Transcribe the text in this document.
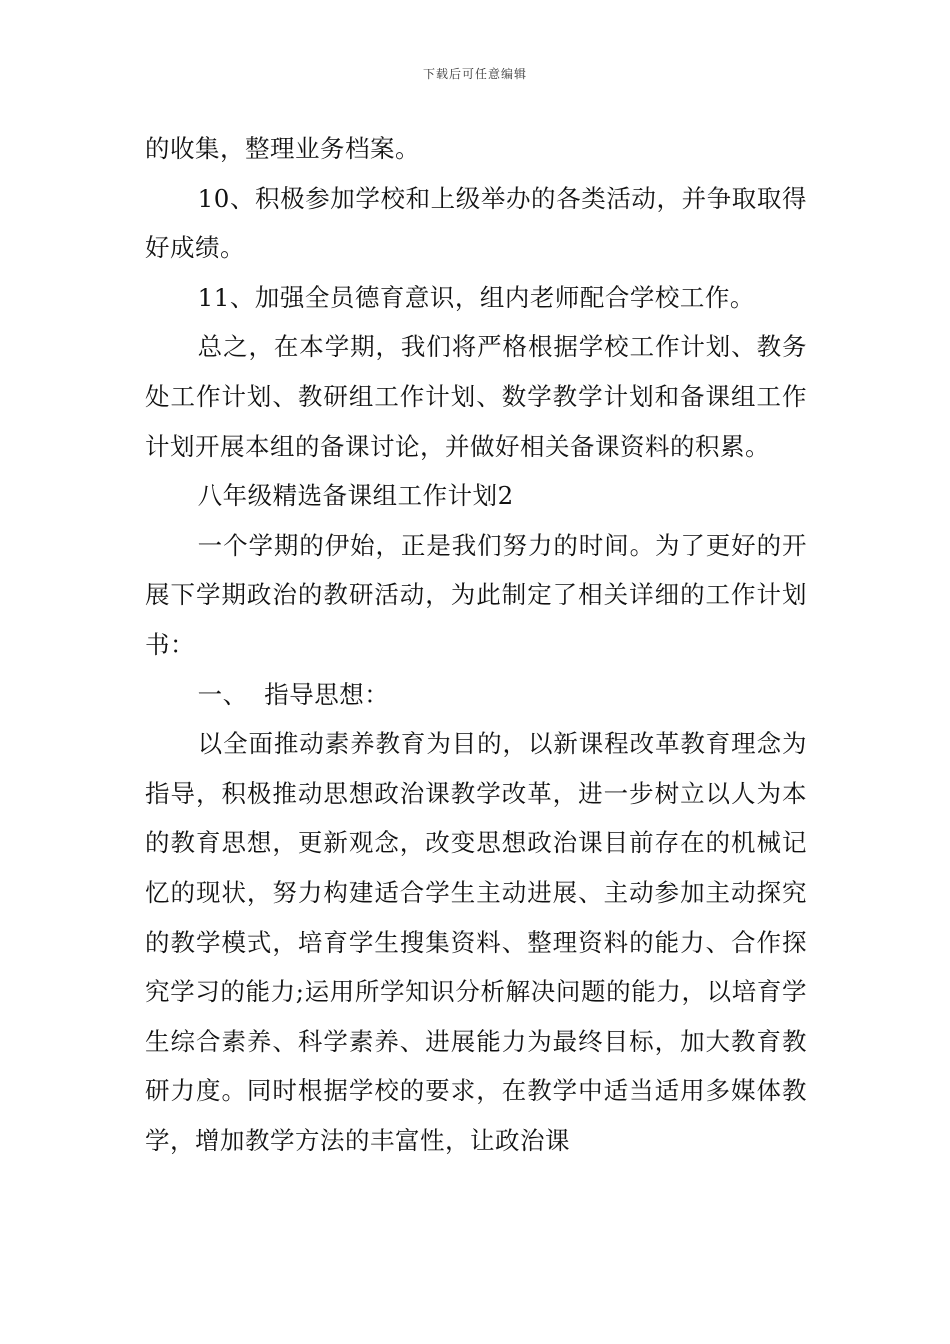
下载后可任意编辑

的收集，整理业务档案。

10、积极参加学校和上级举办的各类活动，并争取取得好成绩。

11、加强全员德育意识，组内老师配合学校工作。

总之，在本学期，我们将严格根据学校工作计划、教务处工作计划、教研组工作计划、数学教学计划和备课组工作计划开展本组的备课讨论，并做好相关备课资料的积累。

八年级精选备课组工作计划2

一个学期的伊始，正是我们努力的时间。为了更好的开展下学期政治的教研活动，为此制定了相关详细的工作计划书：

一、  指导思想：

以全面推动素养教育为目的，以新课程改革教育理念为指导，积极推动思想政治课教学改革，进一步树立以人为本的教育思想，更新观念，改变思想政治课目前存在的机械记忆的现状，努力构建适合学生主动进展、主动参加主动探究的教学模式，培育学生搜集资料、整理资料的能力、合作探究学习的能力;运用所学知识分析解决问题的能力，以培育学生综合素养、科学素养、进展能力为最终目标，加大教育教研力度。同时根据学校的要求，在教学中适当适用多媒体教学，增加教学方法的丰富性，让政治课
